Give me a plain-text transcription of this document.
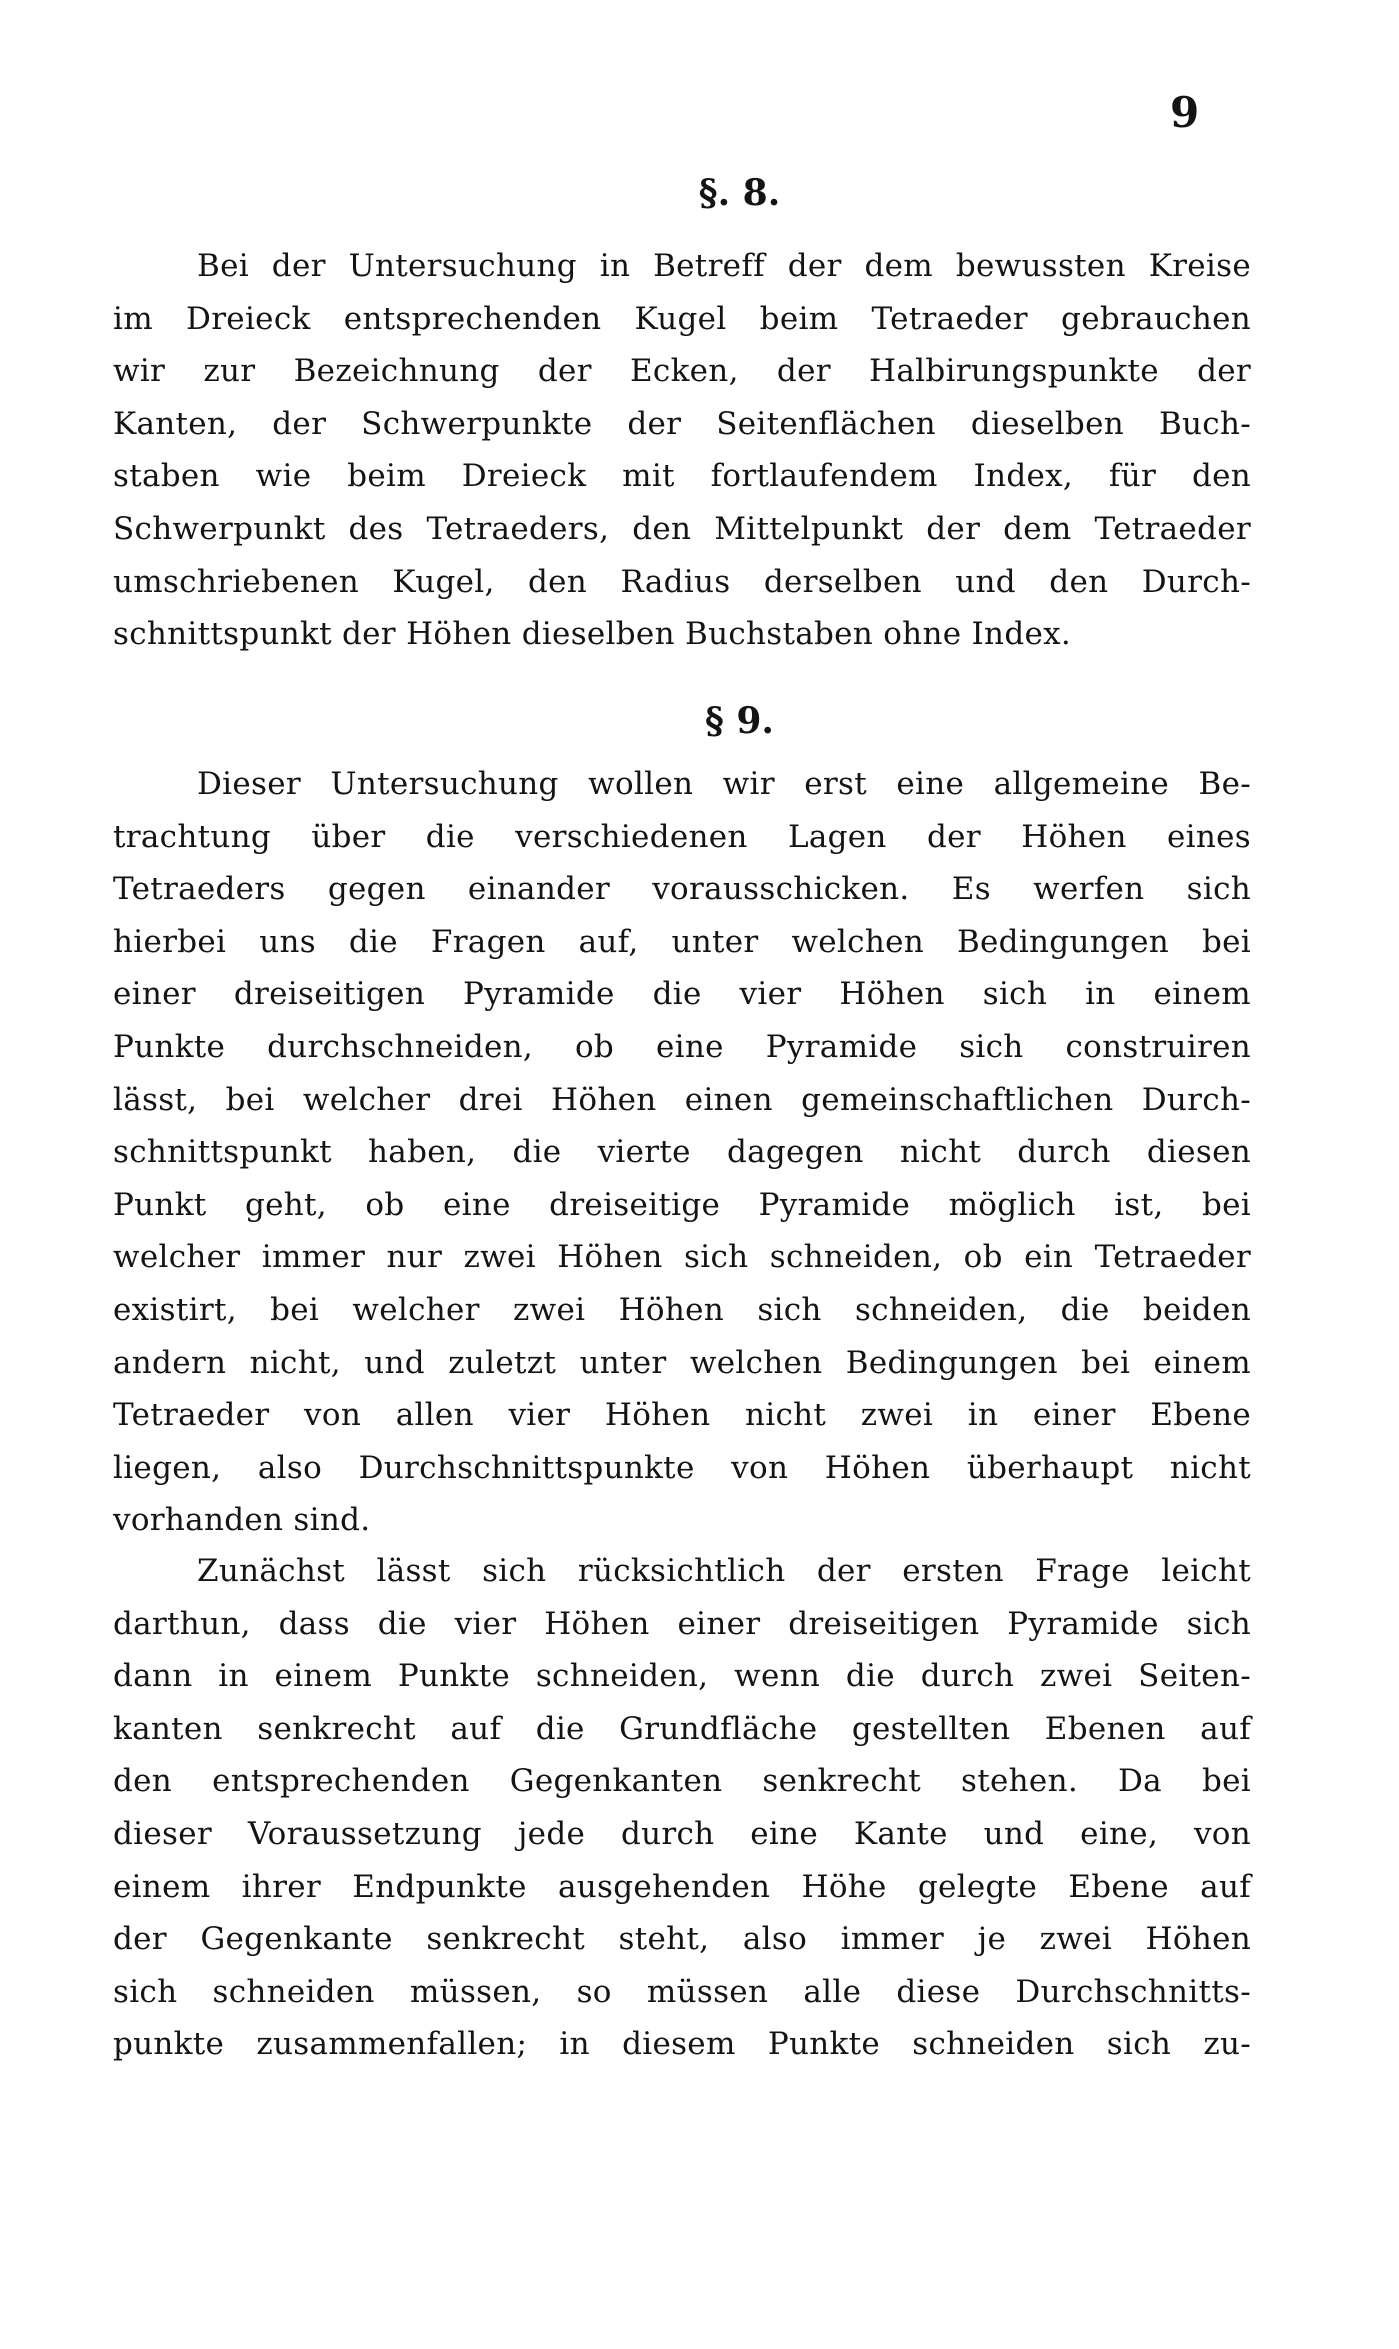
9
§. 8.
Bei der Untersuchung in Betreff der dem bewussten Kreise
im Dreieck entsprechenden Kugel beim Tetraeder gebrauchen
wir zur Bezeichnung der Ecken, der Halbirungspunkte der
Kanten, der Schwerpunkte der Seitenflächen dieselben Buch-
staben wie beim Dreieck mit fortlaufendem Index, für den
Schwerpunkt des Tetraeders, den Mittelpunkt der dem Tetraeder
umschriebenen Kugel, den Radius derselben und den Durch-
schnittspunkt der Höhen dieselben Buchstaben ohne Index.
§ 9.
Dieser Untersuchung wollen wir erst eine allgemeine Be-
trachtung über die verschiedenen Lagen der Höhen eines
Tetraeders gegen einander vorausschicken. Es werfen sich
hierbei uns die Fragen auf, unter welchen Bedingungen bei
einer dreiseitigen Pyramide die vier Höhen sich in einem
Punkte durchschneiden, ob eine Pyramide sich construiren
lässt, bei welcher drei Höhen einen gemeinschaftlichen Durch-
schnittspunkt haben, die vierte dagegen nicht durch diesen
Punkt geht, ob eine dreiseitige Pyramide möglich ist, bei
welcher immer nur zwei Höhen sich schneiden, ob ein Tetraeder
existirt, bei welcher zwei Höhen sich schneiden, die beiden
andern nicht, und zuletzt unter welchen Bedingungen bei einem
Tetraeder von allen vier Höhen nicht zwei in einer Ebene
liegen, also Durchschnittspunkte von Höhen überhaupt nicht
vorhanden sind.
Zunächst lässt sich rücksichtlich der ersten Frage leicht
darthun, dass die vier Höhen einer dreiseitigen Pyramide sich
dann in einem Punkte schneiden, wenn die durch zwei Seiten-
kanten senkrecht auf die Grundfläche gestellten Ebenen auf
den entsprechenden Gegenkanten senkrecht stehen. Da bei
dieser Voraussetzung jede durch eine Kante und eine, von
einem ihrer Endpunkte ausgehenden Höhe gelegte Ebene auf
der Gegenkante senkrecht steht, also immer je zwei Höhen
sich schneiden müssen, so müssen alle diese Durchschnitts-
punkte zusammenfallen; in diesem Punkte schneiden sich zu-
